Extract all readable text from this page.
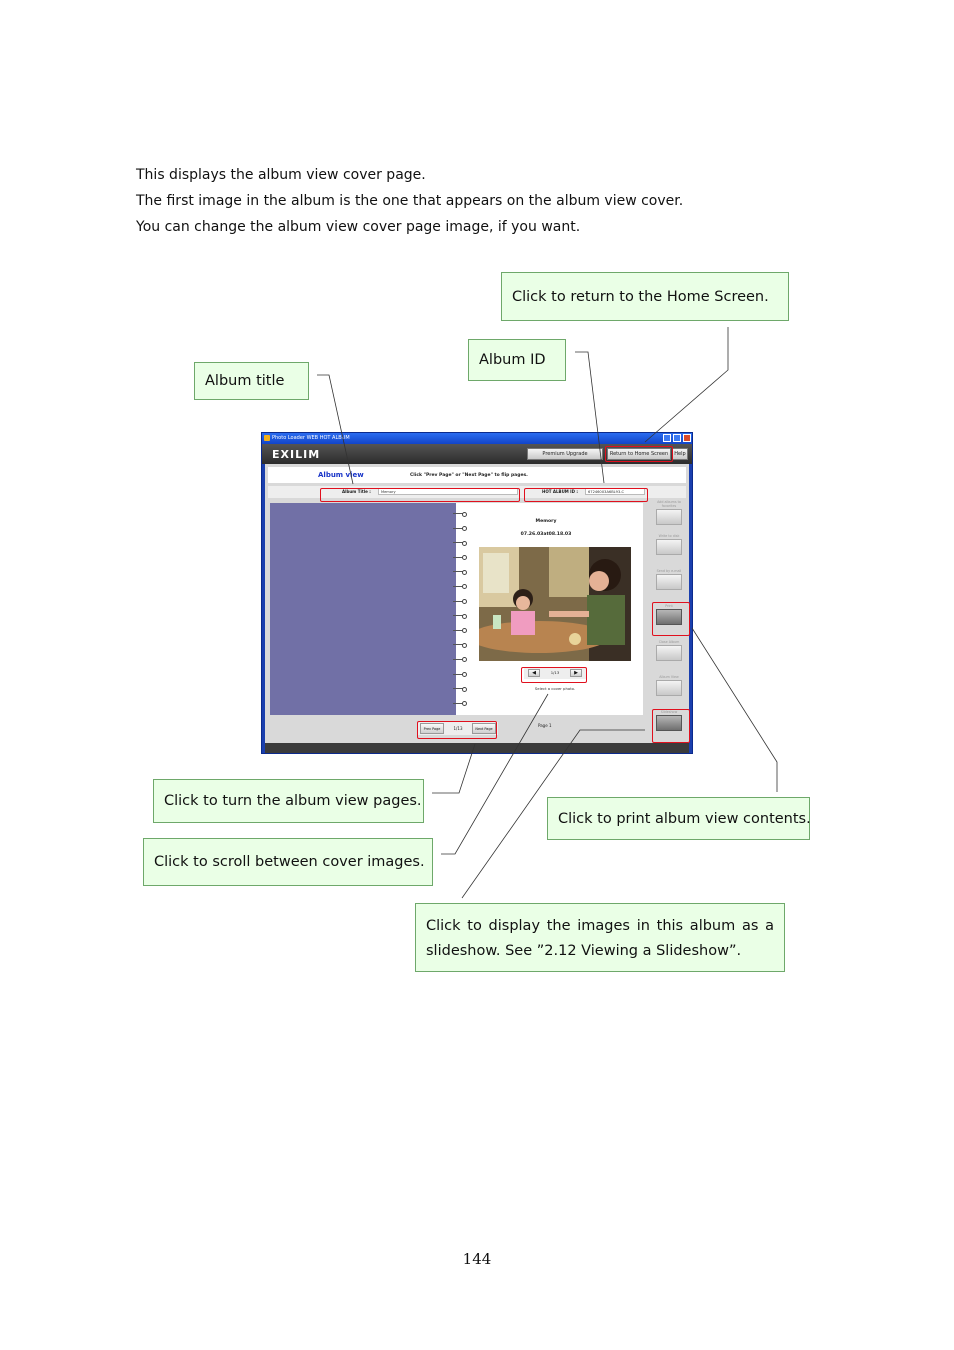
This displays the album view cover page.
The first image in the album is the one that appears on the album view cover.
You can change the album view cover page image, if you want.
Click to return to the Home Screen.
Album ID
Album title
Click to turn the album view pages.
Click to print album view contents.
Click to scroll between cover images.
Click to display the images in this album as a slideshow. See ”2.12 Viewing a Slideshow”.
Photo Loader WEB HOT ALBUM
EXILIM	Premium Upgrade	Return to Home Screen Help
Album view	Click "Prev Page" or "Next Page" to flip pages.
Album Title :	Memory	HOT ALBUM ID :	672460X3A6BL93-C
Memory
07.26.03at08.18.03
◀	1/13	▶
Select a cover photo.
Prev Page	1/13	Next Page
Page 1
Add albums to favorites
Write to disk
Send by e-mail
Print
Close Album
Album View
Slideshow
144
